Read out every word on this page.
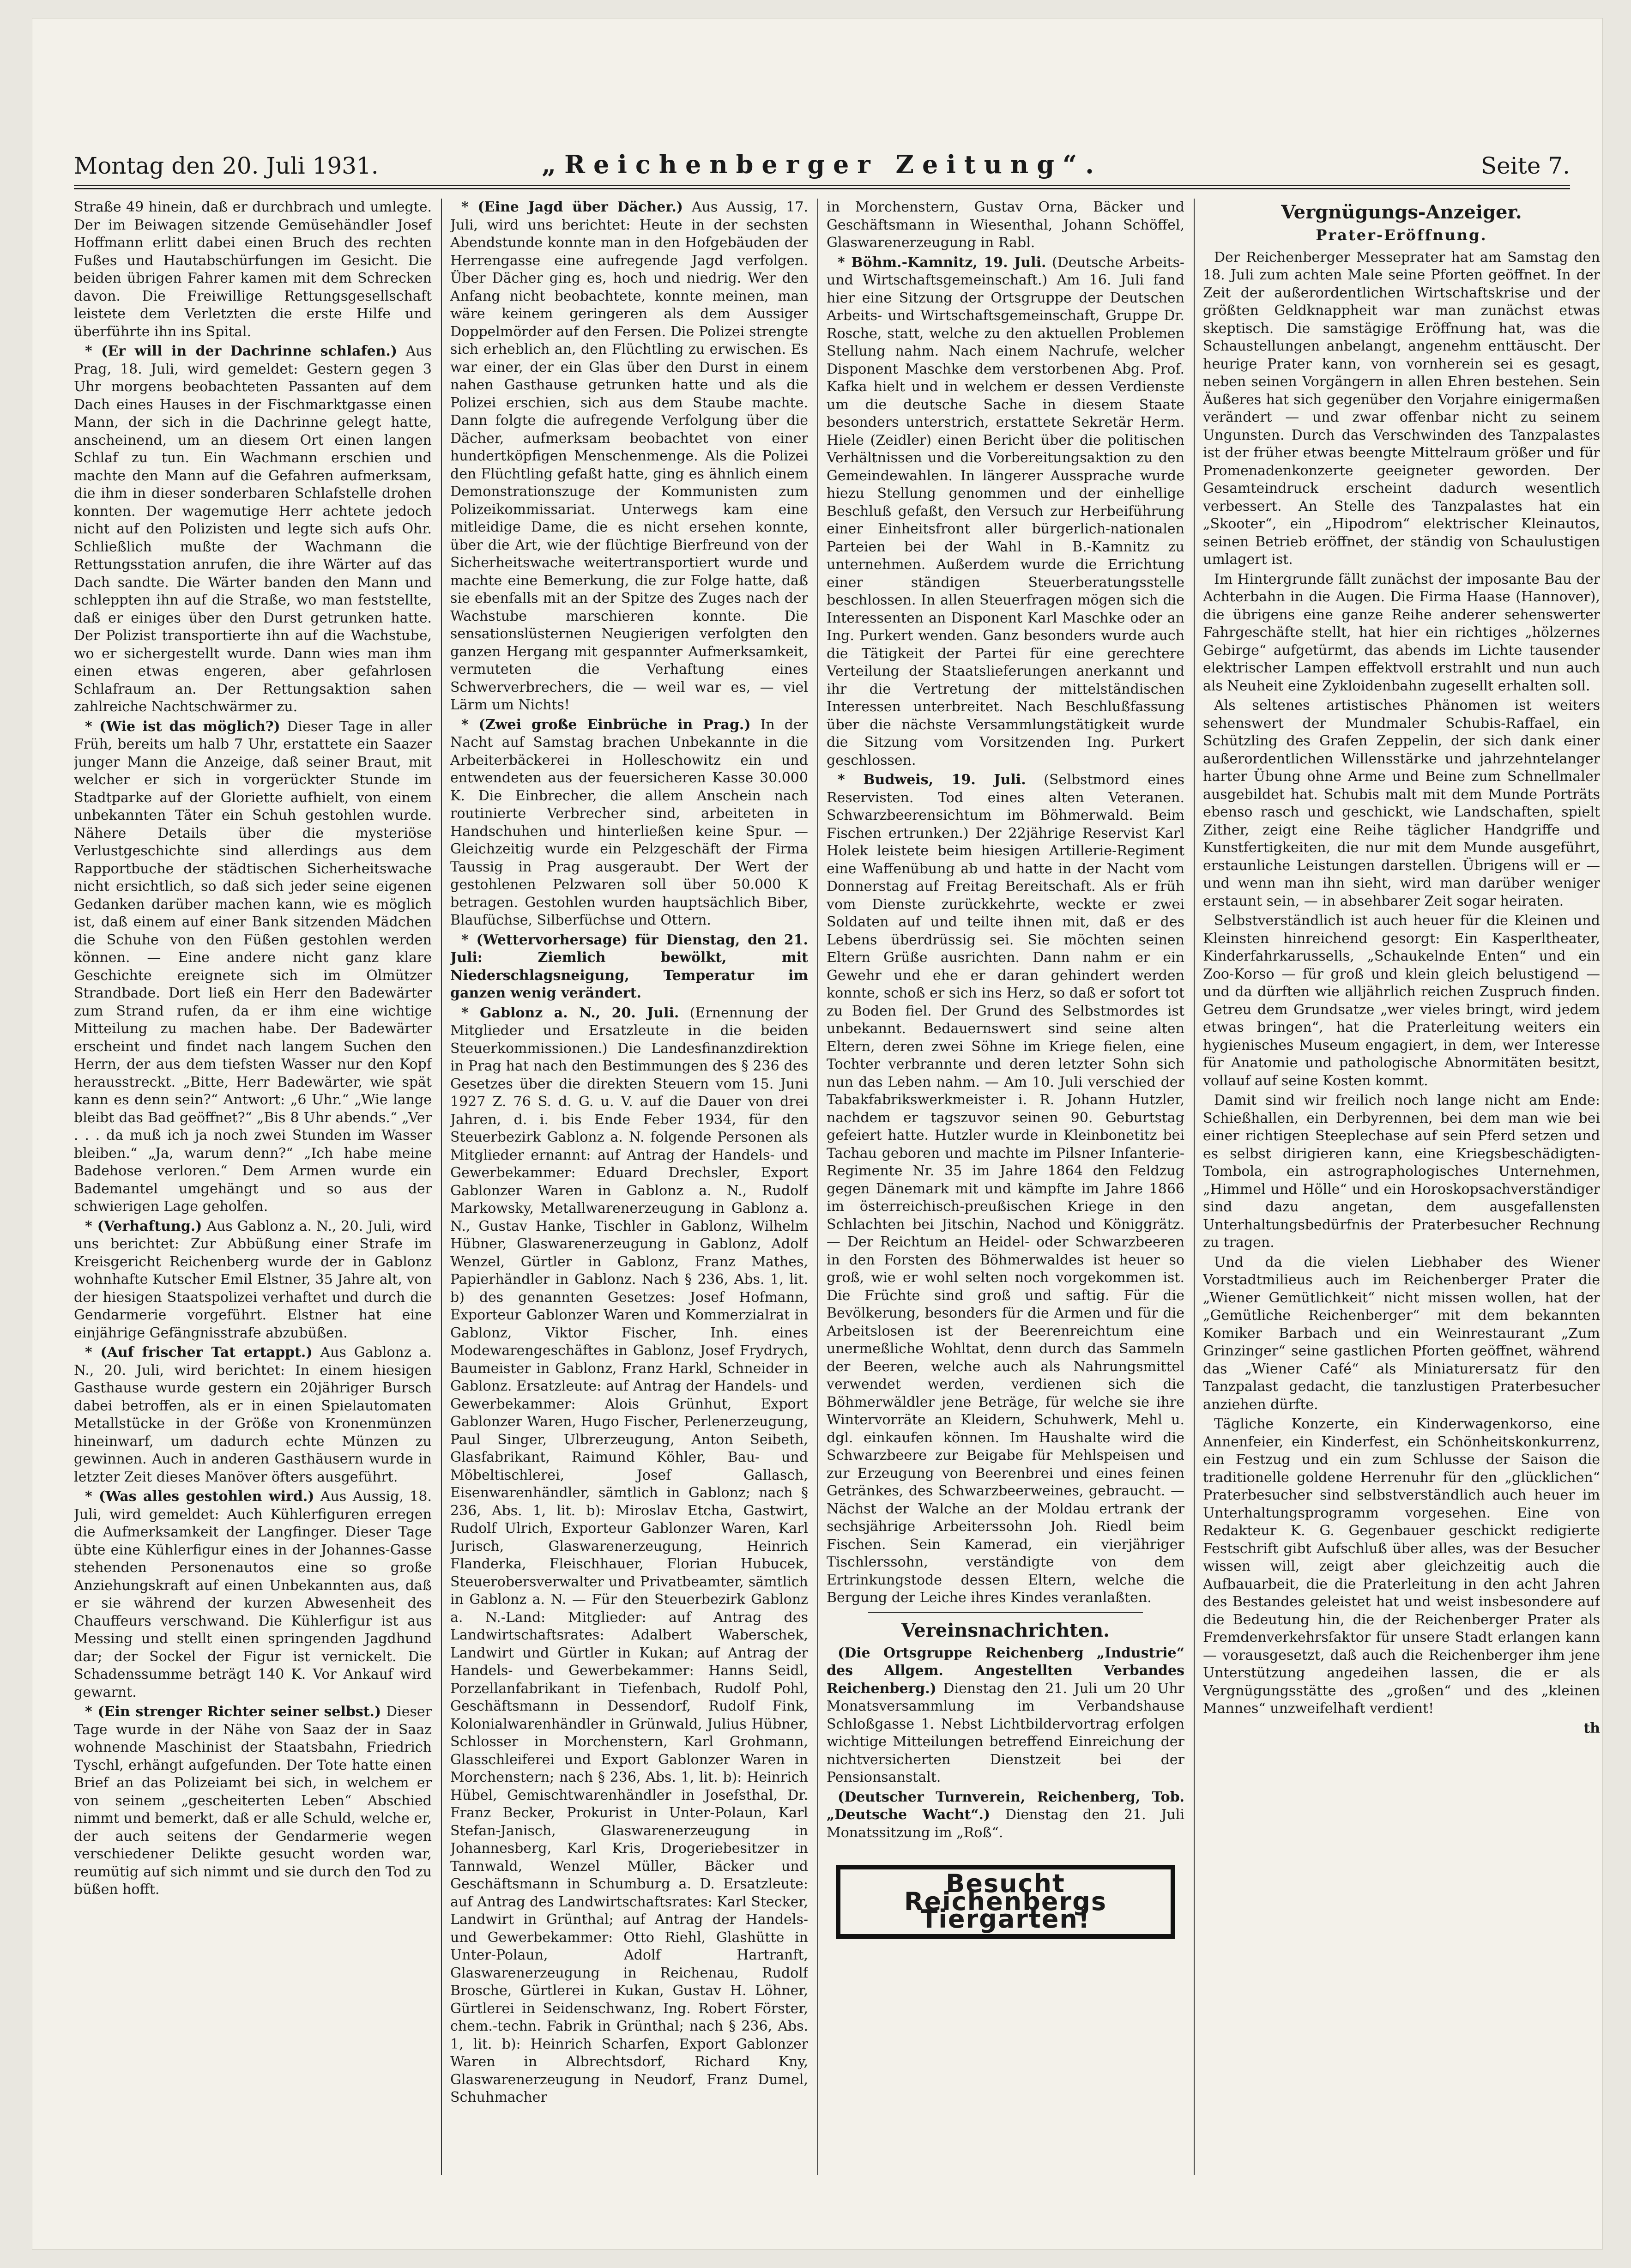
Montag den 20. Juli 1931.	„Reichenberger Zeitung“.	Seite 7.

Straße 49 hinein, daß er durchbrach und umlegte. Der im Beiwagen sitzende Gemüsehändler Josef Hoffmann erlitt dabei einen Bruch des rechten Fußes und Hautabschürfungen im Gesicht. Die beiden übrigen Fahrer kamen mit dem Schrecken davon. Die Freiwillige Rettungsgesellschaft leistete dem Verletzten die erste Hilfe und überführte ihn ins Spital.

* (Er will in der Dachrinne schlafen.) Aus Prag, 18. Juli, wird gemeldet: Gestern gegen 3 Uhr morgens beobachteten Passanten auf dem Dach eines Hauses in der Fischmarktgasse einen Mann, der sich in die Dachrinne gelegt hatte, anscheinend, um an diesem Ort einen langen Schlaf zu tun. Ein Wachmann erschien und machte den Mann auf die Gefahren aufmerksam, die ihm in dieser sonderbaren Schlafstelle drohen konnten. Der wagemutige Herr achtete jedoch nicht auf den Polizisten und legte sich aufs Ohr. Schließlich mußte der Wachmann die Rettungsstation anrufen, die ihre Wärter auf das Dach sandte. Die Wärter banden den Mann und schleppten ihn auf die Straße, wo man feststellte, daß er einiges über den Durst getrunken hatte. Der Polizist transportierte ihn auf die Wachstube, wo er sichergestellt wurde. Dann wies man ihm einen etwas engeren, aber gefahrlosen Schlafraum an. Der Rettungsaktion sahen zahlreiche Nachtschwärmer zu.

* (Wie ist das möglich?) Dieser Tage in aller Früh, bereits um halb 7 Uhr, erstattete ein Saazer junger Mann die Anzeige, daß seiner Braut, mit welcher er sich in vorgerückter Stunde im Stadtparke auf der Gloriette aufhielt, von einem unbekannten Täter ein Schuh gestohlen wurde. Nähere Details über die mysteriöse Verlustgeschichte sind allerdings aus dem Rapportbuche der städtischen Sicherheitswache nicht ersichtlich, so daß sich jeder seine eigenen Gedanken darüber machen kann, wie es möglich ist, daß einem auf einer Bank sitzenden Mädchen die Schuhe von den Füßen gestohlen werden können. — Eine andere nicht ganz klare Geschichte ereignete sich im Olmützer Strandbade. Dort ließ ein Herr den Badewärter zum Strand rufen, da er ihm eine wichtige Mitteilung zu machen habe. Der Badewärter erscheint und findet nach langem Suchen den Herrn, der aus dem tiefsten Wasser nur den Kopf herausstreckt. „Bitte, Herr Badewärter, wie spät kann es denn sein?“ Antwort: „6 Uhr.“ „Wie lange bleibt das Bad geöffnet?“ „Bis 8 Uhr abends.“ „Ver . . . da muß ich ja noch zwei Stunden im Wasser bleiben.“ „Ja, warum denn?“ „Ich habe meine Badehose verloren.“ Dem Armen wurde ein Bademantel umgehängt und so aus der schwierigen Lage geholfen.

* (Verhaftung.) Aus Gablonz a. N., 20. Juli, wird uns berichtet: Zur Abbüßung einer Strafe im Kreisgericht Reichenberg wurde der in Gablonz wohnhafte Kutscher Emil Elstner, 35 Jahre alt, von der hiesigen Staatspolizei verhaftet und durch die Gendarmerie vorgeführt. Elstner hat eine einjährige Gefängnisstrafe abzubüßen.

* (Auf frischer Tat ertappt.) Aus Gablonz a. N., 20. Juli, wird berichtet: In einem hiesigen Gasthause wurde gestern ein 20jähriger Bursch dabei betroffen, als er in einen Spielautomaten Metallstücke in der Größe von Kronenmünzen hineinwarf, um dadurch echte Münzen zu gewinnen. Auch in anderen Gasthäusern wurde in letzter Zeit dieses Manöver öfters ausgeführt.

* (Was alles gestohlen wird.) Aus Aussig, 18. Juli, wird gemeldet: Auch Kühlerfiguren erregen die Aufmerksamkeit der Langfinger. Dieser Tage übte eine Kühlerfigur eines in der Johannes-Gasse stehenden Personenautos eine so große Anziehungskraft auf einen Unbekannten aus, daß er sie während der kurzen Abwesenheit des Chauffeurs verschwand. Die Kühlerfigur ist aus Messing und stellt einen springenden Jagdhund dar; der Sockel der Figur ist vernickelt. Die Schadenssumme beträgt 140 K. Vor Ankauf wird gewarnt.

* (Ein strenger Richter seiner selbst.) Dieser Tage wurde in der Nähe von Saaz der in Saaz wohnende Maschinist der Staatsbahn, Friedrich Tyschl, erhängt aufgefunden. Der Tote hatte einen Brief an das Polizeiamt bei sich, in welchem er von seinem „gescheiterten Leben“ Abschied nimmt und bemerkt, daß er alle Schuld, welche er, der auch seitens der Gendarmerie wegen verschiedener Delikte gesucht worden war, reumütig auf sich nimmt und sie durch den Tod zu büßen hofft.

* (Eine Jagd über Dächer.) Aus Aussig, 17. Juli, wird uns berichtet: Heute in der sechsten Abendstunde konnte man in den Hofgebäuden der Herrengasse eine aufregende Jagd verfolgen. Über Dächer ging es, hoch und niedrig. Wer den Anfang nicht beobachtete, konnte meinen, man wäre keinem geringeren als dem Aussiger Doppelmörder auf den Fersen. Die Polizei strengte sich erheblich an, den Flüchtling zu erwischen. Es war einer, der ein Glas über den Durst in einem nahen Gasthause getrunken hatte und als die Polizei erschien, sich aus dem Staube machte. Dann folgte die aufregende Verfolgung über die Dächer, aufmerksam beobachtet von einer hundertköpfigen Menschenmenge. Als die Polizei den Flüchtling gefaßt hatte, ging es ähnlich einem Demonstrationszuge der Kommunisten zum Polizeikommissariat. Unterwegs kam eine mitleidige Dame, die es nicht ersehen konnte, über die Art, wie der flüchtige Bierfreund von der Sicherheitswache weitertransportiert wurde und machte eine Bemerkung, die zur Folge hatte, daß sie ebenfalls mit an der Spitze des Zuges nach der Wachstube marschieren konnte. Die sensationslüsternen Neugierigen verfolgten den ganzen Hergang mit gespannter Aufmerksamkeit, vermuteten die Verhaftung eines Schwerverbrechers, die — weil war es, — viel Lärm um Nichts!

* (Zwei große Einbrüche in Prag.) In der Nacht auf Samstag brachen Unbekannte in die Arbeiterbäckerei in Holleschowitz ein und entwendeten aus der feuersicheren Kasse 30.000 K. Die Einbrecher, die allem Anschein nach routinierte Verbrecher sind, arbeiteten in Handschuhen und hinterließen keine Spur. — Gleichzeitig wurde ein Pelzgeschäft der Firma Taussig in Prag ausgeraubt. Der Wert der gestohlenen Pelzwaren soll über 50.000 K betragen. Gestohlen wurden hauptsächlich Biber, Blaufüchse, Silberfüchse und Ottern.

* (Wettervorhersage) für Dienstag, den 21. Juli: Ziemlich bewölkt, mit Niederschlagsneigung, Temperatur im ganzen wenig verändert.

* Gablonz a. N., 20. Juli. (Ernennung der Mitglieder und Ersatzleute in die beiden Steuerkommissionen.) Die Landesfinanzdirektion in Prag hat nach den Bestimmungen des § 236 des Gesetzes über die direkten Steuern vom 15. Juni 1927 Z. 76 S. d. G. u. V. auf die Dauer von drei Jahren, d. i. bis Ende Feber 1934, für den Steuerbezirk Gablonz a. N. folgende Personen als Mitglieder ernannt: auf Antrag der Handels- und Gewerbekammer: Eduard Drechsler, Export Gablonzer Waren in Gablonz a. N., Rudolf Markowsky, Metallwarenerzeugung in Gablonz a. N., Gustav Hanke, Tischler in Gablonz, Wilhelm Hübner, Glaswarenerzeugung in Gablonz, Adolf Wenzel, Gürtler in Gablonz, Franz Mathes, Papierhändler in Gablonz. Nach § 236, Abs. 1, lit. b) des genannten Gesetzes: Josef Hofmann, Exporteur Gablonzer Waren und Kommerzialrat in Gablonz, Viktor Fischer, Inh. eines Modewarengeschäftes in Gablonz, Josef Frydrych, Baumeister in Gablonz, Franz Harkl, Schneider in Gablonz. Ersatzleute: auf Antrag der Handels- und Gewerbekammer: Alois Grünhut, Export Gablonzer Waren, Hugo Fischer, Perlenerzeugung, Paul Singer, Ulbrerzeugung, Anton Seibeth, Glasfabrikant, Raimund Köhler, Bau- und Möbeltischlerei, Josef Gallasch, Eisenwarenhändler, sämtlich in Gablonz; nach § 236, Abs. 1, lit. b): Miroslav Etcha, Gastwirt, Rudolf Ulrich, Exporteur Gablonzer Waren, Karl Jurisch, Glaswarenerzeugung, Heinrich Flanderka, Fleischhauer, Florian Hubucek, Steuerobersverwalter und Privatbeamter, sämtlich in Gablonz a. N. — Für den Steuerbezirk Gablonz a. N.-Land: Mitglieder: auf Antrag des Landwirtschaftsrates: Adalbert Waberschek, Landwirt und Gürtler in Kukan; auf Antrag der Handels- und Gewerbekammer: Hanns Seidl, Porzellanfabrikant in Tiefenbach, Rudolf Pohl, Geschäftsmann in Dessendorf, Rudolf Fink, Kolonialwarenhändler in Grünwald, Julius Hübner, Schlosser in Morchenstern, Karl Grohmann, Glasschleiferei und Export Gablonzer Waren in Morchenstern; nach § 236, Abs. 1, lit. b): Heinrich Hübel, Gemischtwarenhändler in Josefsthal, Dr. Franz Becker, Prokurist in Unter-Polaun, Karl Stefan-Janisch, Glaswarenerzeugung in Johannesberg, Karl Kris, Drogeriebesitzer in Tannwald, Wenzel Müller, Bäcker und Geschäftsmann in Schumburg a. D. Ersatzleute: auf Antrag des Landwirtschaftsrates: Karl Stecker, Landwirt in Grünthal; auf Antrag der Handels- und Gewerbekammer: Otto Riehl, Glashütte in Unter-Polaun, Adolf Hartranft, Glaswarenerzeugung in Reichenau, Rudolf Brosche, Gürtlerei in Kukan, Gustav H. Löhner, Gürtlerei in Seidenschwanz, Ing. Robert Förster, chem.-techn. Fabrik in Grünthal; nach § 236, Abs. 1, lit. b): Heinrich Scharfen, Export Gablonzer Waren in Albrechtsdorf, Richard Kny, Glaswarenerzeugung in Neudorf, Franz Dumel, Schuhmacher

in Morchenstern, Gustav Orna, Bäcker und Geschäftsmann in Wiesenthal, Johann Schöffel, Glaswarenerzeugung in Rabl.

* Böhm.-Kamnitz, 19. Juli. (Deutsche Arbeits- und Wirtschaftsgemeinschaft.) Am 16. Juli fand hier eine Sitzung der Ortsgruppe der Deutschen Arbeits- und Wirtschaftsgemeinschaft, Gruppe Dr. Rosche, statt, welche zu den aktuellen Problemen Stellung nahm. Nach einem Nachrufe, welcher Disponent Maschke dem verstorbenen Abg. Prof. Kafka hielt und in welchem er dessen Verdienste um die deutsche Sache in diesem Staate besonders unterstrich, erstattete Sekretär Herm. Hiele (Zeidler) einen Bericht über die politischen Verhältnissen und die Vorbereitungsaktion zu den Gemeindewahlen. In längerer Aussprache wurde hiezu Stellung genommen und der einhellige Beschluß gefaßt, den Versuch zur Herbeiführung einer Einheitsfront aller bürgerlich-nationalen Parteien bei der Wahl in B.-Kamnitz zu unternehmen. Außerdem wurde die Errichtung einer ständigen Steuerberatungsstelle beschlossen. In allen Steuerfragen mögen sich die Interessenten an Disponent Karl Maschke oder an Ing. Purkert wenden. Ganz besonders wurde auch die Tätigkeit der Partei für eine gerechtere Verteilung der Staatslieferungen anerkannt und ihr die Vertretung der mittelständischen Interessen unterbreitet. Nach Beschlußfassung über die nächste Versammlungstätigkeit wurde die Sitzung vom Vorsitzenden Ing. Purkert geschlossen.

* Budweis, 19. Juli. (Selbstmord eines Reservisten. Tod eines alten Veteranen. Schwarzbeerensichtum im Böhmerwald. Beim Fischen ertrunken.) Der 22jährige Reservist Karl Holek leistete beim hiesigen Artillerie-Regiment eine Waffenübung ab und hatte in der Nacht vom Donnerstag auf Freitag Bereitschaft. Als er früh vom Dienste zurückkehrte, weckte er zwei Soldaten auf und teilte ihnen mit, daß er des Lebens überdrüssig sei. Sie möchten seinen Eltern Grüße ausrichten. Dann nahm er ein Gewehr und ehe er daran gehindert werden konnte, schoß er sich ins Herz, so daß er sofort tot zu Boden fiel. Der Grund des Selbstmordes ist unbekannt. Bedauernswert sind seine alten Eltern, deren zwei Söhne im Kriege fielen, eine Tochter verbrannte und deren letzter Sohn sich nun das Leben nahm. — Am 10. Juli verschied der Tabakfabrikswerkmeister i. R. Johann Hutzler, nachdem er tagszuvor seinen 90. Geburtstag gefeiert hatte. Hutzler wurde in Kleinbonetitz bei Tachau geboren und machte im Pilsner Infanterie-Regimente Nr. 35 im Jahre 1864 den Feldzug gegen Dänemark mit und kämpfte im Jahre 1866 im österreichisch-preußischen Kriege in den Schlachten bei Jitschin, Nachod und Königgrätz. — Der Reichtum an Heidel- oder Schwarzbeeren in den Forsten des Böhmerwaldes ist heuer so groß, wie er wohl selten noch vorgekommen ist. Die Früchte sind groß und saftig. Für die Bevölkerung, besonders für die Armen und für die Arbeitslosen ist der Beerenreichtum eine unermeßliche Wohltat, denn durch das Sammeln der Beeren, welche auch als Nahrungsmittel verwendet werden, verdienen sich die Böhmerwäldler jene Beträge, für welche sie ihre Wintervorräte an Kleidern, Schuhwerk, Mehl u. dgl. einkaufen können. Im Haushalte wird die Schwarzbeere zur Beigabe für Mehlspeisen und zur Erzeugung von Beerenbrei und eines feinen Getränkes, des Schwarzbeerweines, gebraucht. — Nächst der Walche an der Moldau ertrank der sechsjährige Arbeiterssohn Joh. Riedl beim Fischen. Sein Kamerad, ein vierjähriger Tischlerssohn, verständigte von dem Ertrinkungstode dessen Eltern, welche die Bergung der Leiche ihres Kindes veranlaßten.

Vereinsnachrichten.

(Die Ortsgruppe Reichenberg „Industrie“ des Allgem. Angestellten Verbandes Reichenberg.) Dienstag den 21. Juli um 20 Uhr Monatsversammlung im Verbandshause Schloßgasse 1. Nebst Lichtbildervortrag erfolgen wichtige Mitteilungen betreffend Einreichung der nichtversicherten Dienstzeit bei der Pensionsanstalt.

(Deutscher Turnverein, Reichenberg, Tob. „Deutsche Wacht“.) Dienstag den 21. Juli Monatssitzung im „Roß“.

Besucht Reichenbergs Tiergarten!
Vergnügungs-Anzeiger.
Prater-Eröffnung.

Der Reichenberger Messeprater hat am Samstag den 18. Juli zum achten Male seine Pforten geöffnet. In der Zeit der außerordentlichen Wirtschaftskrise und der größten Geldknappheit war man zunächst etwas skeptisch. Die samstägige Eröffnung hat, was die Schaustellungen anbelangt, angenehm enttäuscht. Der heurige Prater kann, von vornherein sei es gesagt, neben seinen Vorgängern in allen Ehren bestehen. Sein Äußeres hat sich gegenüber den Vorjahre einigermaßen verändert — und zwar offenbar nicht zu seinem Ungunsten. Durch das Verschwinden des Tanzpalastes ist der früher etwas beengte Mittelraum größer und für Promenadenkonzerte geeigneter geworden. Der Gesamteindruck erscheint dadurch wesentlich verbessert. An Stelle des Tanzpalastes hat ein „Skooter“, ein „Hipodrom“ elektrischer Kleinautos, seinen Betrieb eröffnet, der ständig von Schaulustigen umlagert ist.

Im Hintergrunde fällt zunächst der imposante Bau der Achterbahn in die Augen. Die Firma Haase (Hannover), die übrigens eine ganze Reihe anderer sehenswerter Fahrgeschäfte stellt, hat hier ein richtiges „hölzernes Gebirge“ aufgetürmt, das abends im Lichte tausender elektrischer Lampen effektvoll erstrahlt und nun auch als Neuheit eine Zykloidenbahn zugesellt erhalten soll.

Als seltenes artistisches Phänomen ist weiters sehenswert der Mundmaler Schubis-Raffael, ein Schützling des Grafen Zeppelin, der sich dank einer außerordentlichen Willensstärke und jahrzehntelanger harter Übung ohne Arme und Beine zum Schnellmaler ausgebildet hat. Schubis malt mit dem Munde Porträts ebenso rasch und geschickt, wie Landschaften, spielt Zither, zeigt eine Reihe täglicher Handgriffe und Kunstfertigkeiten, die nur mit dem Munde ausgeführt, erstaunliche Leistungen darstellen. Übrigens will er — und wenn man ihn sieht, wird man darüber weniger erstaunt sein, — in absehbarer Zeit sogar heiraten.

Selbstverständlich ist auch heuer für die Kleinen und Kleinsten hinreichend gesorgt: Ein Kasperltheater, Kinderfahrkarussells, „Schaukelnde Enten“ und ein Zoo-Korso — für groß und klein gleich belustigend — und da dürften wie alljährlich reichen Zuspruch finden. Getreu dem Grundsatze „wer vieles bringt, wird jedem etwas bringen“, hat die Praterleitung weiters ein hygienisches Museum engagiert, in dem, wer Interesse für Anatomie und pathologische Abnormitäten besitzt, vollauf auf seine Kosten kommt.

Damit sind wir freilich noch lange nicht am Ende: Schießhallen, ein Derbyrennen, bei dem man wie bei einer richtigen Steeplechase auf sein Pferd setzen und es selbst dirigieren kann, eine Kriegsbeschädigten-Tombola, ein astrographologisches Unternehmen, „Himmel und Hölle“ und ein Horoskopsachverständiger sind dazu angetan, dem ausgefallensten Unterhaltungsbedürfnis der Praterbesucher Rechnung zu tragen.

Und da die vielen Liebhaber des Wiener Vorstadtmilieus auch im Reichenberger Prater die „Wiener Gemütlichkeit“ nicht missen wollen, hat der „Gemütliche Reichenberger“ mit dem bekannten Komiker Barbach und ein Weinrestaurant „Zum Grinzinger“ seine gastlichen Pforten geöffnet, während das „Wiener Café“ als Miniaturersatz für den Tanzpalast gedacht, die tanzlustigen Praterbesucher anziehen dürfte.

Tägliche Konzerte, ein Kinderwagenkorso, eine Annenfeier, ein Kinderfest, ein Schönheitskonkurrenz, ein Festzug und ein zum Schlusse der Saison die traditionelle goldene Herrenuhr für den „glücklichen“ Praterbesucher sind selbstverständlich auch heuer im Unterhaltungsprogramm vorgesehen. Eine von Redakteur K. G. Gegenbauer geschickt redigierte Festschrift gibt Aufschluß über alles, was der Besucher wissen will, zeigt aber gleichzeitig auch die Aufbauarbeit, die die Praterleitung in den acht Jahren des Bestandes geleistet hat und weist insbesondere auf die Bedeutung hin, die der Reichenberger Prater als Fremdenverkehrsfaktor für unsere Stadt erlangen kann — vorausgesetzt, daß auch die Reichenberger ihm jene Unterstützung angedeihen lassen, die er als Vergnügungsstätte des „großen“ und des „kleinen Mannes“ unzweifelhaft verdient!

th
